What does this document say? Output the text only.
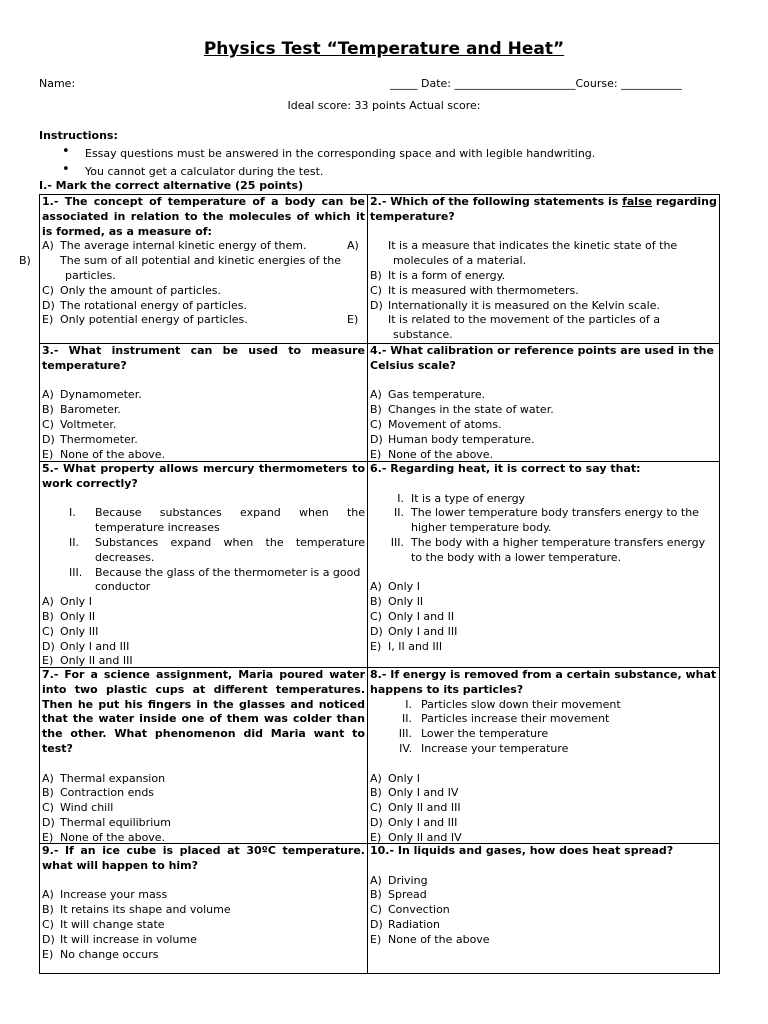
Physics Test “Temperature and Heat”
Name:	_____ Date: ______________________Course: ___________
Ideal score: 33 points Actual score:
Instructions:
• Essay questions must be answered in the corresponding space and with legible handwriting.
• You cannot get a calculator during the test.
I.- Mark the correct alternative (25 points)
1.- The concept of temperature of a body can be associated in relation to the molecules of which it is formed, as a measure of:
A) The average internal kinetic energy of them.
B)	The sum of all potential and kinetic energies of the particles.
C) Only the amount of particles.
D) The rotational energy of particles.
E) Only potential energy of particles.
2.- Which of the following statements is false regarding temperature?
A)	It is a measure that indicates the kinetic state of the molecules of a material.
B) It is a form of energy.
C) It is measured with thermometers.
D) Internationally it is measured on the Kelvin scale.
E)	It is related to the movement of the particles of a substance.
3.- What instrument can be used to measure temperature?
A) Dynamometer.
B) Barometer.
C) Voltmeter.
D) Thermometer.
E) None of the above.
4.- What calibration or reference points are used in the Celsius scale?
A) Gas temperature.
B) Changes in the state of water.
C) Movement of atoms.
D) Human body temperature.
E) None of the above.
5.- What property allows mercury thermometers to work correctly?
I.	Because substances expand when the temperature increases
II.	Substances expand when the temperature decreases.
III.	Because the glass of the thermometer is a good conductor
A) Only I
B) Only II
C) Only III
D) Only I and III
E) Only II and III
6.- Regarding heat, it is correct to say that:
I. It is a type of energy
II. The lower temperature body transfers energy to the higher temperature body.
III. The body with a higher temperature transfers energy to the body with a lower temperature.
A) Only I
B) Only II
C) Only I and II
D) Only I and III
E) I, II and III
7.- For a science assignment, Maria poured water into two plastic cups at different temperatures. Then he put his fingers in the glasses and noticed that the water inside one of them was colder than the other. What phenomenon did Maria want to test?
A) Thermal expansion
B) Contraction ends
C) Wind chill
D) Thermal equilibrium
E) None of the above.
8.- If energy is removed from a certain substance, what happens to its particles?
I. Particles slow down their movement
II. Particles increase their movement
III. Lower the temperature
IV. Increase your temperature
A) Only I
B) Only I and IV
C) Only II and III
D) Only I and III
E) Only II and IV
9.- If an ice cube is placed at 30ºC temperature. what will happen to him?
A) Increase your mass
B) It retains its shape and volume
C) It will change state
D) It will increase in volume
E) No change occurs
10.- In liquids and gases, how does heat spread?
A) Driving
B) Spread
C) Convection
D) Radiation
E) None of the above
